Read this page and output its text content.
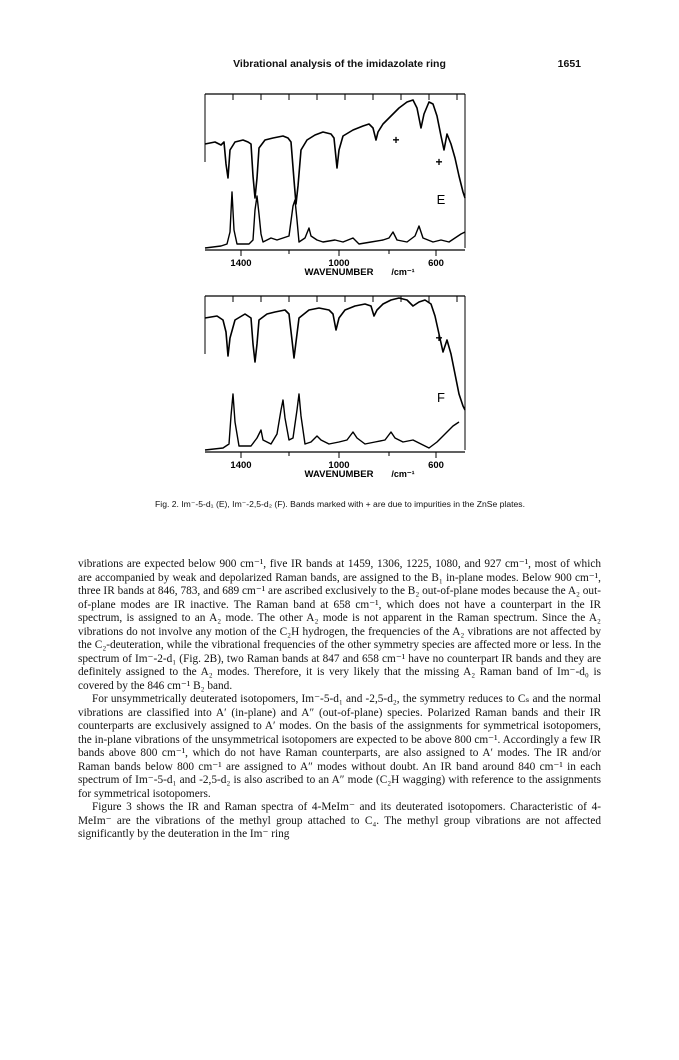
Vibrational analysis of the imidazolate ring	1651
+
+
E
1400	1000	600
WAVENUMBER /cm⁻¹
+
F
1400	1000	600
WAVENUMBER /cm⁻¹
Fig. 2. Im⁻-5-d₁ (E), Im⁻-2,5-d₂ (F). Bands marked with + are due to impurities in the ZnSe plates.

vibrations are expected below 900 cm⁻¹, five IR bands at 1459, 1306, 1225, 1080, and 927 cm⁻¹, most of which are accompanied by weak and depolarized Raman bands, are assigned to the B₁ in-plane modes. Below 900 cm⁻¹, three IR bands at 846, 783, and 689 cm⁻¹ are ascribed exclusively to the B₂ out-of-plane modes because the A₂ out-of-plane modes are IR inactive. The Raman band at 658 cm⁻¹, which does not have a counterpart in the IR spectrum, is assigned to an A₂ mode. The other A₂ mode is not apparent in the Raman spectrum. Since the A₂ vibrations do not involve any motion of the C₂H hydrogen, the frequencies of the A₂ vibrations are not affected by the C₂-deuteration, while the vibrational frequencies of the other symmetry species are affected more or less. In the spectrum of Im⁻-2-d₁ (Fig. 2B), two Raman bands at 847 and 658 cm⁻¹ have no counterpart IR bands and they are definitely assigned to the A₂ modes. Therefore, it is very likely that the missing A₂ Raman band of Im⁻-d₀ is covered by the 846 cm⁻¹ B₂ band.

For unsymmetrically deuterated isotopomers, Im⁻-5-d₁ and -2,5-d₂, the symmetry reduces to Cₛ and the normal vibrations are classified into A′ (in-plane) and A″ (out-of-plane) species. Polarized Raman bands and their IR counterparts are exclusively assigned to A′ modes. On the basis of the assignments for symmetrical isotopomers, the in-plane vibrations of the unsymmetrical isotopomers are expected to be above 800 cm⁻¹. Accordingly a few IR bands above 800 cm⁻¹, which do not have Raman counterparts, are also assigned to A′ modes. The IR and/or Raman bands below 800 cm⁻¹ are assigned to A″ modes without doubt. An IR band around 840 cm⁻¹ in each spectrum of Im⁻-5-d₁ and -2,5-d₂ is also ascribed to an A″ mode (C₂H wagging) with reference to the assignments for symmetrical isotopomers.

Figure 3 shows the IR and Raman spectra of 4-MeIm⁻ and its deuterated isotopomers. Characteristic of 4-MeIm⁻ are the vibrations of the methyl group attached to C₄. The methyl group vibrations are not affected significantly by the deuteration in the Im⁻ ring
